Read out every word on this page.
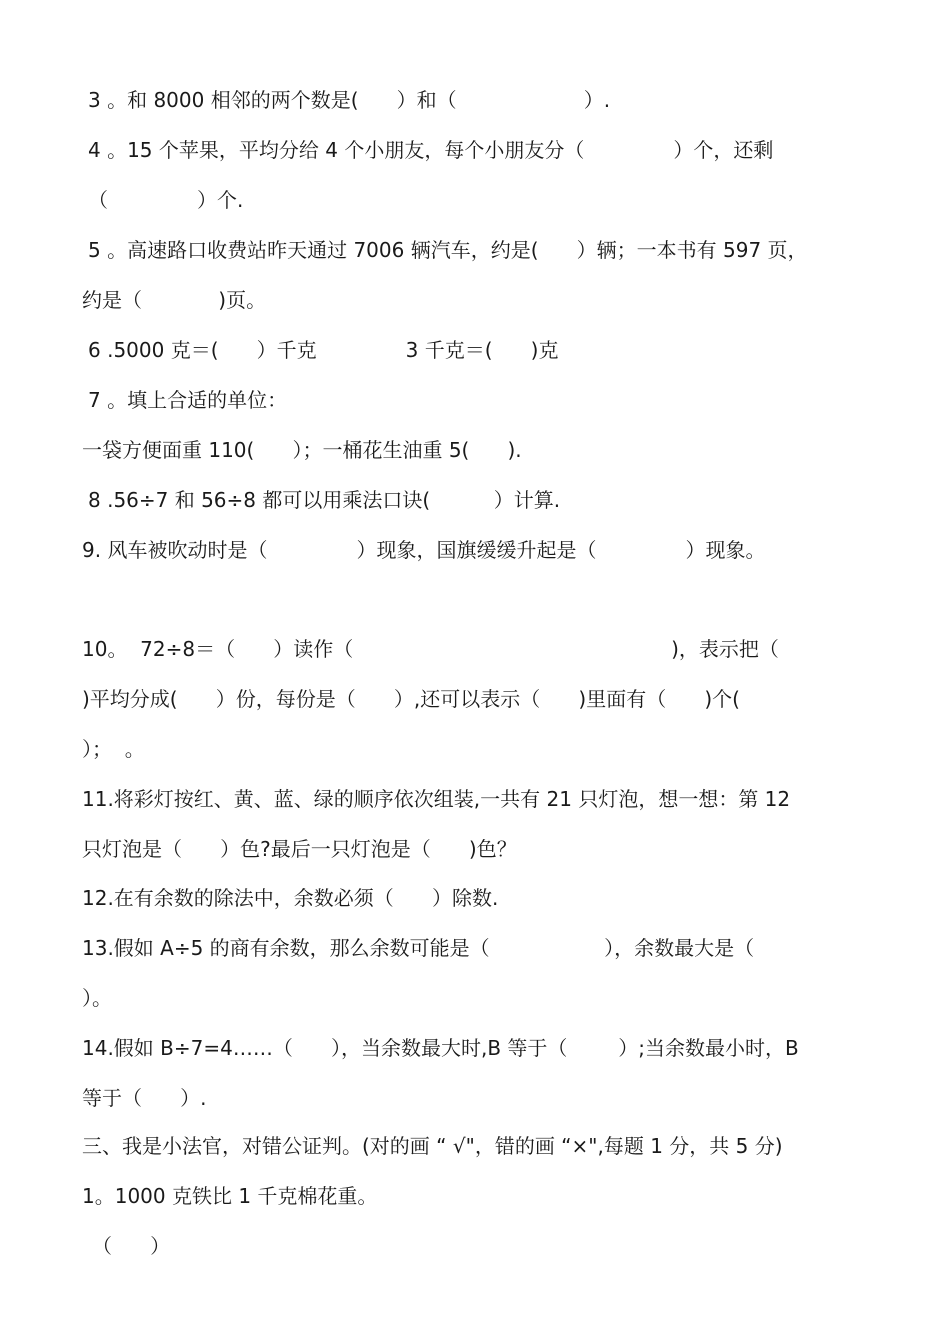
3 。和 8000 相邻的两个数是(      ）和（                    ）.
4 。15 个苹果，平均分给 4 个小朋友，每个小朋友分（              ）个，还剩
（              ）个.
5 。高速路口收费站昨天通过 7006 辆汽车，约是(      ）辆；一本书有 597 页，
约是（            )页。
6 .5000 克＝(      ）千克              3 千克＝(      )克
7 。填上合适的单位：
一袋方便面重 110(      ）；一桶花生油重 5(      ).
8 .56÷7 和 56÷8 都可以用乘法口诀(          ）计算.
9. 风车被吹动时是（              ）现象，国旗缓缓升起是（              ）现象。
10。  72÷8＝（      ）读作（                                                  )，表示把（
)平均分成(      ）份，每份是（      ）,还可以表示（      )里面有（      )个(
）；  。
11.将彩灯按红、黄、蓝、绿的顺序依次组装,一共有 21 只灯泡，想一想：第 12
只灯泡是（      ）色?最后一只灯泡是（      )色？
12.在有余数的除法中，余数必须（      ）除数.
13.假如 A÷5 的商有余数，那么余数可能是（                  ），余数最大是（
）。
14.假如 B÷7=4……（      ），当余数最大时,B 等于（        ）;当余数最小时，B
等于（      ）.
三、我是小法官，对错公证判。(对的画 “ √"，错的画 “×",每题 1 分，共 5 分)
1。1000 克铁比 1 千克棉花重。
（      ）
